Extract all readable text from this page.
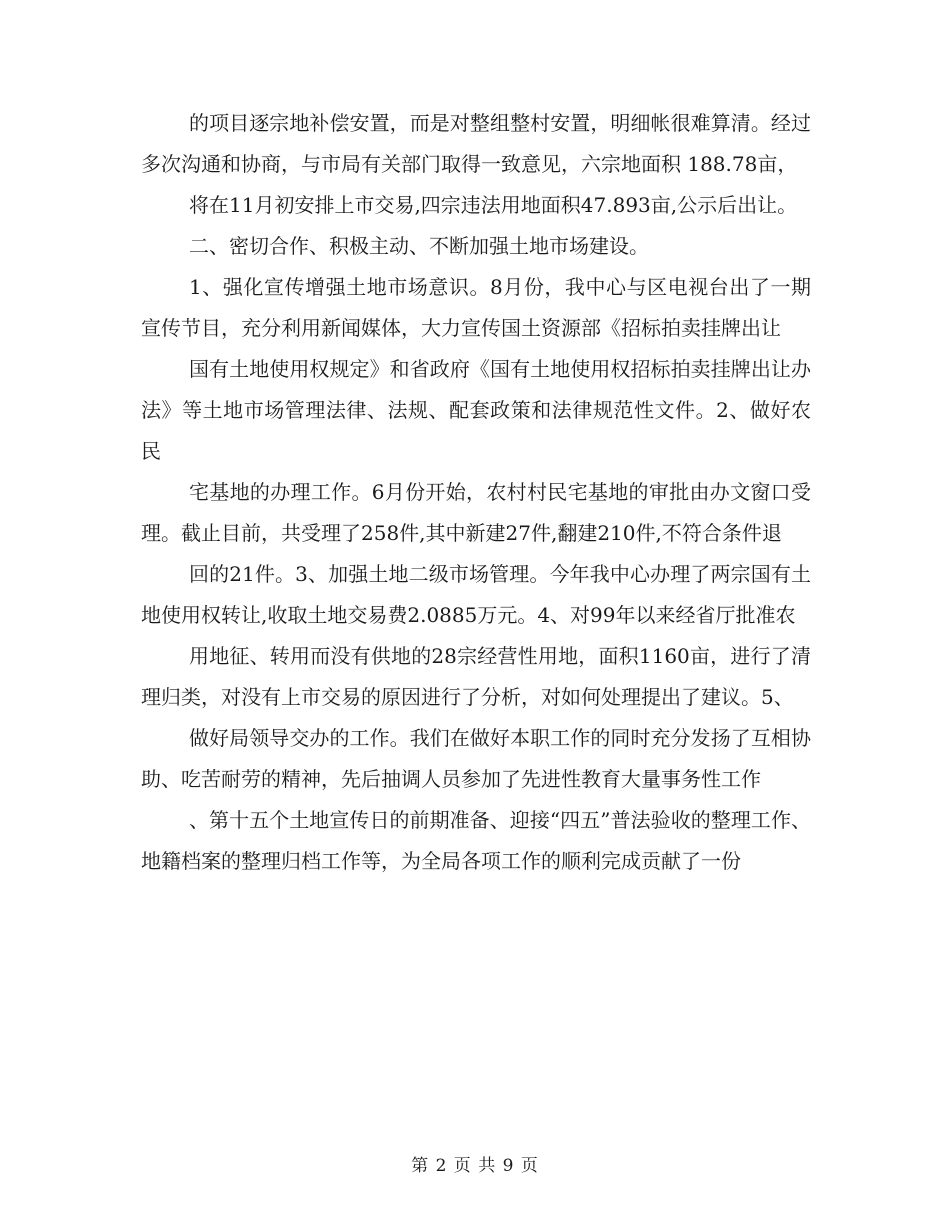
的项目逐宗地补偿安置，而是对整组整村安置，明细帐很难算清。经过多次沟通和协商，与市局有关部门取得一致意见，六宗地面积 188.78亩，

将在11月初安排上市交易,四宗违法用地面积47.893亩,公示后出让。

二、密切合作、积极主动、不断加强土地市场建设。

1、强化宣传增强土地市场意识。8月份，我中心与区电视台出了一期宣传节目，充分利用新闻媒体，大力宣传国土资源部《招标拍卖挂牌出让

国有土地使用权规定》和省政府《国有土地使用权招标拍卖挂牌出让办法》等土地市场管理法律、法规、配套政策和法律规范性文件。2、做好农民

宅基地的办理工作。6月份开始，农村村民宅基地的审批由办文窗口受理。截止目前，共受理了258件,其中新建27件,翻建210件,不符合条件退

回的21件。3、加强土地二级市场管理。今年我中心办理了两宗国有土地使用权转让,收取土地交易费2.0885万元。4、对99年以来经省厅批准农

用地征、转用而没有供地的28宗经营性用地，面积1160亩，进行了清理归类，对没有上市交易的原因进行了分析，对如何处理提出了建议。5、

做好局领导交办的工作。我们在做好本职工作的同时充分发扬了互相协助、吃苦耐劳的精神，先后抽调人员参加了先进性教育大量事务性工作

、第十五个土地宣传日的前期准备、迎接“四五”普法验收的整理工作、地籍档案的整理归档工作等，为全局各项工作的顺利完成贡献了一份

第 2 页 共 9 页
